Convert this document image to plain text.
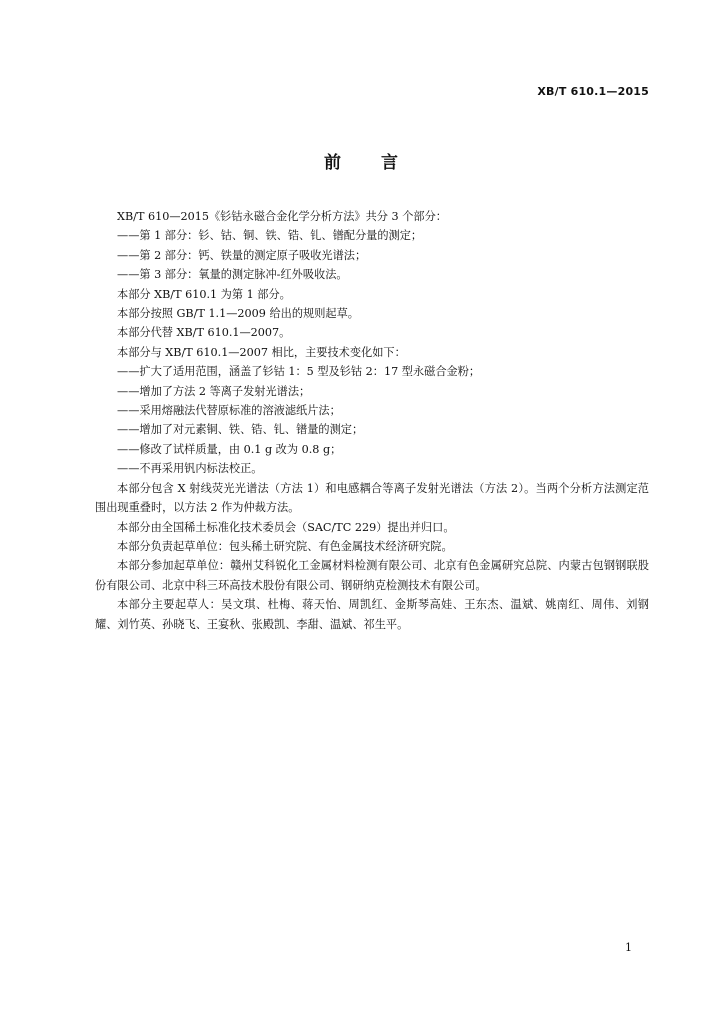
XB/T 610.1—2015
前 言

XB/T 610—2015《钐钴永磁合金化学分析方法》共分 3 个部分：

——第 1 部分：钐、钴、铜、铁、锆、钆、镨配分量的测定；

——第 2 部分：钙、铁量的测定原子吸收光谱法；

——第 3 部分：氧量的测定脉冲-红外吸收法。

本部分 XB/T 610.1 为第 1 部分。

本部分按照 GB/T 1.1—2009 给出的规则起草。

本部分代替 XB/T 610.1—2007。

本部分与 XB/T 610.1—2007 相比，主要技术变化如下：

——扩大了适用范围，涵盖了钐钴 1：5 型及钐钴 2：17 型永磁合金粉；

——增加了方法 2 等离子发射光谱法；

——采用熔融法代替原标准的溶液滤纸片法；

——增加了对元素铜、铁、锆、钆、镨量的测定；

——修改了试样质量，由 0.1 g 改为 0.8 g；

——不再采用钒内标法校正。

本部分包含 X 射线荧光光谱法（方法 1）和电感耦合等离子发射光谱法（方法 2）。当两个分析方法测定范围出现重叠时，以方法 2 作为仲裁方法。

本部分由全国稀土标准化技术委员会（SAC/TC 229）提出并归口。

本部分负责起草单位：包头稀土研究院、有色金属技术经济研究院。

本部分参加起草单位：赣州艾科锐化工金属材料检测有限公司、北京有色金属研究总院、内蒙古包钢钢联股份有限公司、北京中科三环高技术股份有限公司、钢研纳克检测技术有限公司。

本部分主要起草人：吴文琪、杜梅、蒋天怡、周凯红、金斯琴高娃、王东杰、温斌、姚南红、周伟、刘钢耀、刘竹英、孙晓飞、王宴秋、张殿凯、李甜、温斌、祁生平。

1
